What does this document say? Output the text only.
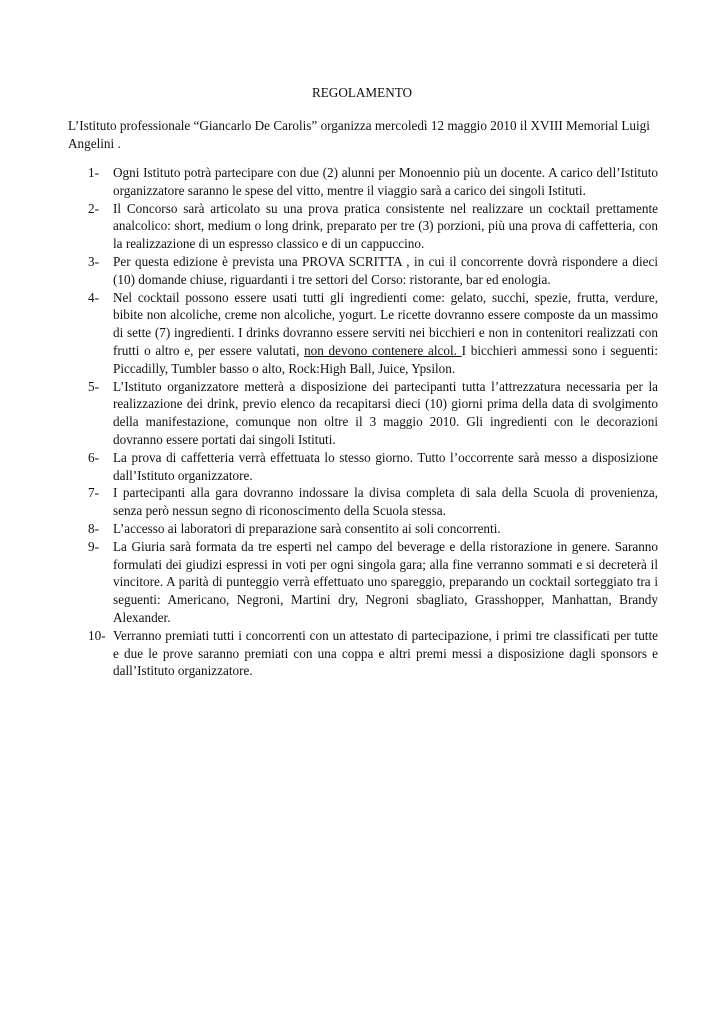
REGOLAMENTO
L’Istituto professionale “Giancarlo De Carolis” organizza mercoledì 12 maggio 2010 il XVIII Memorial Luigi Angelini .
1- Ogni Istituto potrà partecipare con due (2) alunni per Monoennio più un docente. A carico dell’Istituto organizzatore saranno le spese del vitto, mentre il viaggio sarà a carico dei singoli Istituti.
2- Il Concorso sarà articolato su una prova pratica consistente nel realizzare un cocktail prettamente analcolico: short, medium o long drink, preparato per tre (3) porzioni, più una prova di caffetteria, con la realizzazione di un espresso classico e di un cappuccino.
3- Per questa edizione è prevista una PROVA SCRITTA , in cui il concorrente dovrà rispondere a dieci (10) domande chiuse, riguardanti i tre settori del Corso: ristorante, bar ed enologia.
4- Nel cocktail possono essere usati tutti gli ingredienti come: gelato, succhi, spezie, frutta, verdure, bibite non alcoliche, creme non alcoliche, yogurt. Le ricette dovranno essere composte da un massimo di sette (7) ingredienti. I drinks dovranno essere serviti nei bicchieri e non in contenitori realizzati con frutti o altro e, per essere valutati, non devono contenere alcol. I bicchieri ammessi sono i seguenti: Piccadilly, Tumbler basso o alto, Rock:High Ball, Juice, Ypsilon.
5- L’Istituto organizzatore metterà a disposizione dei partecipanti tutta l’attrezzatura necessaria per la realizzazione dei drink, previo elenco da recapitarsi dieci (10) giorni prima della data di svolgimento della manifestazione, comunque non oltre il 3 maggio 2010. Gli ingredienti con le decorazioni dovranno essere portati dai singoli Istituti.
6- La prova di caffetteria verrà effettuata lo stesso giorno. Tutto l’occorrente sarà messo a disposizione dall’Istituto organizzatore.
7- I partecipanti alla gara dovranno indossare la divisa completa di sala della Scuola di provenienza, senza però nessun segno di riconoscimento della Scuola stessa.
8- L’accesso ai laboratori di preparazione sarà consentito ai soli concorrenti.
9- La Giuria sarà formata da tre esperti nel campo del beverage e della ristorazione in genere. Saranno formulati dei giudizi espressi in voti per ogni singola gara; alla fine verranno sommati e si decreterà il vincitore. A parità di punteggio verrà effettuato uno spareggio, preparando un cocktail sorteggiato tra i seguenti: Americano, Negroni, Martini dry, Negroni sbagliato, Grasshopper, Manhattan, Brandy Alexander.
10- Verranno premiati tutti i concorrenti con un attestato di partecipazione, i primi tre classificati per tutte e due le prove saranno premiati con una coppa e altri premi messi a disposizione dagli sponsors e dall’Istituto organizzatore.
